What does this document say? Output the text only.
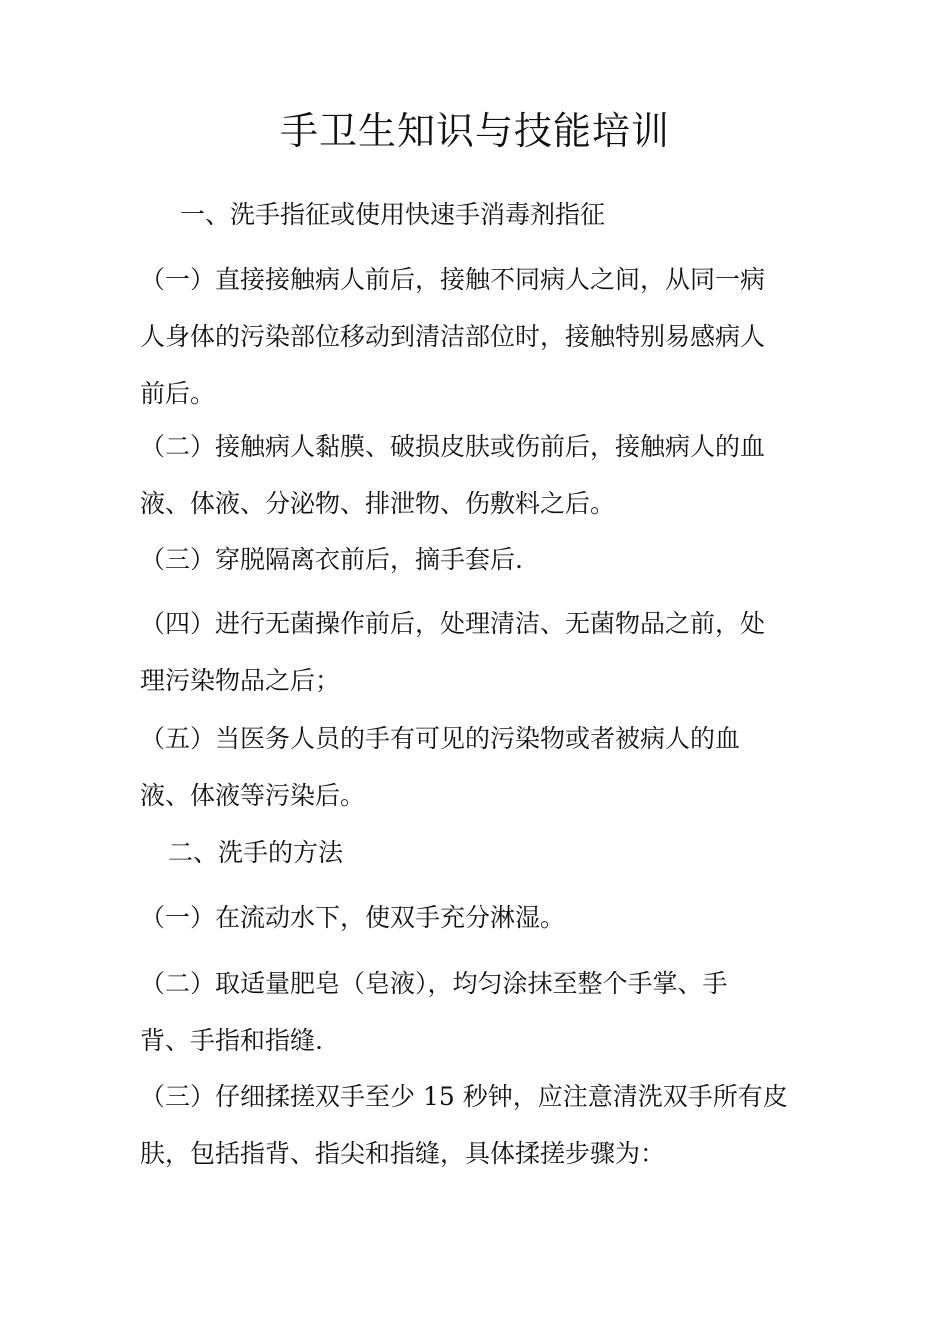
手卫生知识与技能培训
一、洗手指征或使用快速手消毒剂指征

（一）直接接触病人前后，接触不同病人之间，从同一病
人身体的污染部位移动到清洁部位时，接触特别易感病人
前后。

（二）接触病人黏膜、破损皮肤或伤前后，接触病人的血
液、体液、分泌物、排泄物、伤敷料之后。

（三）穿脱隔离衣前后，摘手套后.

（四）进行无菌操作前后，处理清洁、无菌物品之前，处
理污染物品之后；

（五）当医务人员的手有可见的污染物或者被病人的血
液、体液等污染后。

二、洗手的方法

（一）在流动水下，使双手充分淋湿。

（二）取适量肥皂（皂液），均匀涂抹至整个手掌、手
背、手指和指缝.

（三）仔细揉搓双手至少 15 秒钟，应注意清洗双手所有皮
肤，包括指背、指尖和指缝，具体揉搓步骤为：
